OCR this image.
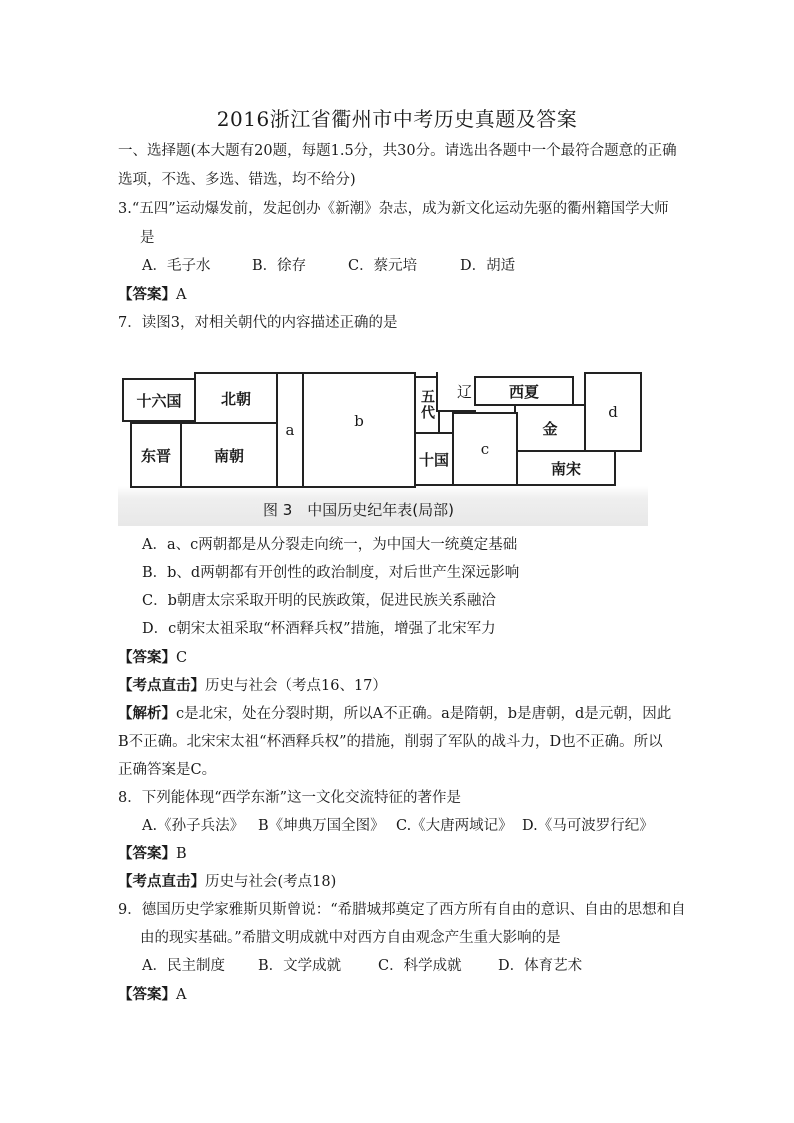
2016浙江省衢州市中考历史真题及答案
一、选择题(本大题有20题，每题1.5分，共30分。请选出各题中一个最符合题意的正确
选项，不选、多选、错选，均不给分)
3.“五四”运动爆发前，发起创办《新潮》杂志，成为新文化运动先驱的衢州籍国学大师
是
A．毛子水	B．徐存	C．蔡元培	D．胡适
【答案】A
7．读图3，对相关朝代的内容描述正确的是
十六国	北朝
东晋	南朝
a	b	五代	辽	西夏
金
d
十国
c
南宋
图 3　中国历史纪年表(局部)
A．a、c两朝都是从分裂走向统一，为中国大一统奠定基础
B．b、d两朝都有开创性的政治制度，对后世产生深远影响
C．b朝唐太宗采取开明的民族政策，促进民族关系融洽
D．c朝宋太祖采取“杯酒释兵权”措施，增强了北宋军力
【答案】C
【考点直击】历史与社会（考点16、17）
【解析】c是北宋，处在分裂时期，所以A不正确。a是隋朝，b是唐朝，d是元朝，因此
B不正确。北宋宋太祖“杯酒释兵权”的措施，削弱了军队的战斗力，D也不正确。所以
正确答案是C。
8．下列能体现“西学东渐”这一文化交流特征的著作是
A.《孙子兵法》 B《坤典万国全图》 C.《大唐两域记》 D.《马可波罗行纪》
【答案】B
【考点直击】历史与社会(考点18)
9．德国历史学家雅斯贝斯曾说：“希腊城邦奠定了西方所有自由的意识、自由的思想和自
由的现实基础。”希腊文明成就中对西方自由观念产生重大影响的是
A．民主制度 B．文学成就	C．科学成就	D．体育艺术
【答案】A
